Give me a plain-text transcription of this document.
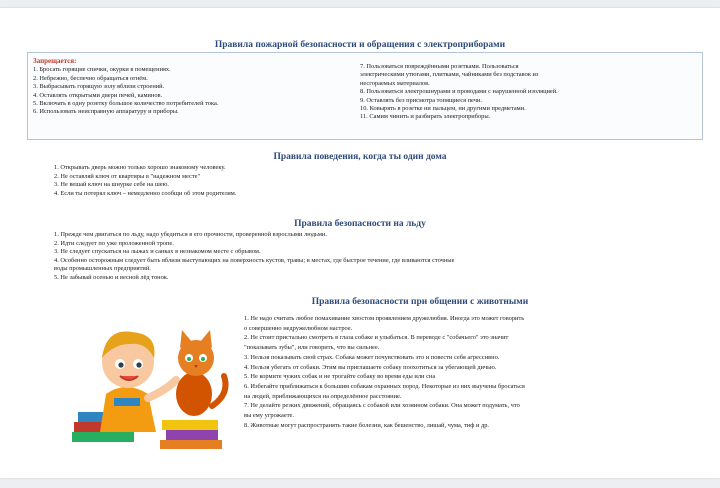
Правила пожарной безопасности и обращения с электроприборами
Запрещается:
1. Бросать горящие спички, окурки в помещениях.
2. Небрежно, беспечно обращаться огнём.
3. Выбрасывать горящую золу вблизи строений.
4. Оставлять открытыми двери печей, каминов.
5. Включать в одну розетку большое количество потребителей тока.
6. Использовать неисправную аппаратуру и приборы.
7. Пользоваться повреждёнными розетками. Пользоваться
электрическими утюгами, плитками, чайниками без подставок из
несгораемых материалов.
8. Пользоваться электрошнурами и проводами с нарушенной изоляцией.
9. Оставлять без присмотра топящиеся печи.
10. Ковырять в розетке ни пальцем, ни другими предметами.
11. Самим чинить и разбирать электроприборы.
Правила поведения, когда ты один дома
1. Открывать дверь можно только хорошо знакомому человеку.
2. Не оставляй ключ от квартиры в "надежном месте"
3. Не вешай ключ на шнурке себе на шею.
4. Если ты потерял ключ – немедленно сообщи об этом родителям.
Правила безопасности на льду
1. Прежде чем двигаться по льду, надо убедиться в его прочности, проверенной взрослыми людьми.
2. Идти следует по уже проложенной тропе.
3. Не следует спускаться на лыжах и санках в незнакомом месте с обрывом.
4. Особенно осторожным следует быть вблизи выступающих на поверхность кустов, травы; в местах, где быстрое течение, где вливаются сточные
воды промышленных предприятий.
5. Не забывай осенью и весной лёд тонок.
Правила безопасности при общении с животными
1. Не надо считать любое помахивание хвостом проявлением дружелюбия. Иногда это может говорить
о совершенно недружелюбном настрое.
2. Не стоит пристально смотреть в глаза собаке и улыбаться. В переводе с "собачьего" это значит
"показывать зубы", или говорить, что вы сильнее.
3. Нельзя показывать свой страх. Собака может почувствовать это и повести себя агрессивно.
4. Нельзя убегать от собаки. Этим вы приглашаете собаку поохотиться за убегающей дичью.
5. Не кормите чужих собак и не трогайте собаку во время еды или сна
6. Избегайте приближаться к большим собакам охранных пород. Некоторые из них выучены бросаться
на людей, приближающихся на определённое расстояние.
7. Не делайте резких движений, обращаясь с собакой или хозяином собаки. Она может подумать, что
вы ему угрожаете.
8. Животные могут распространять такие болезни, как бешенство, лишай, чума, тиф и др.
